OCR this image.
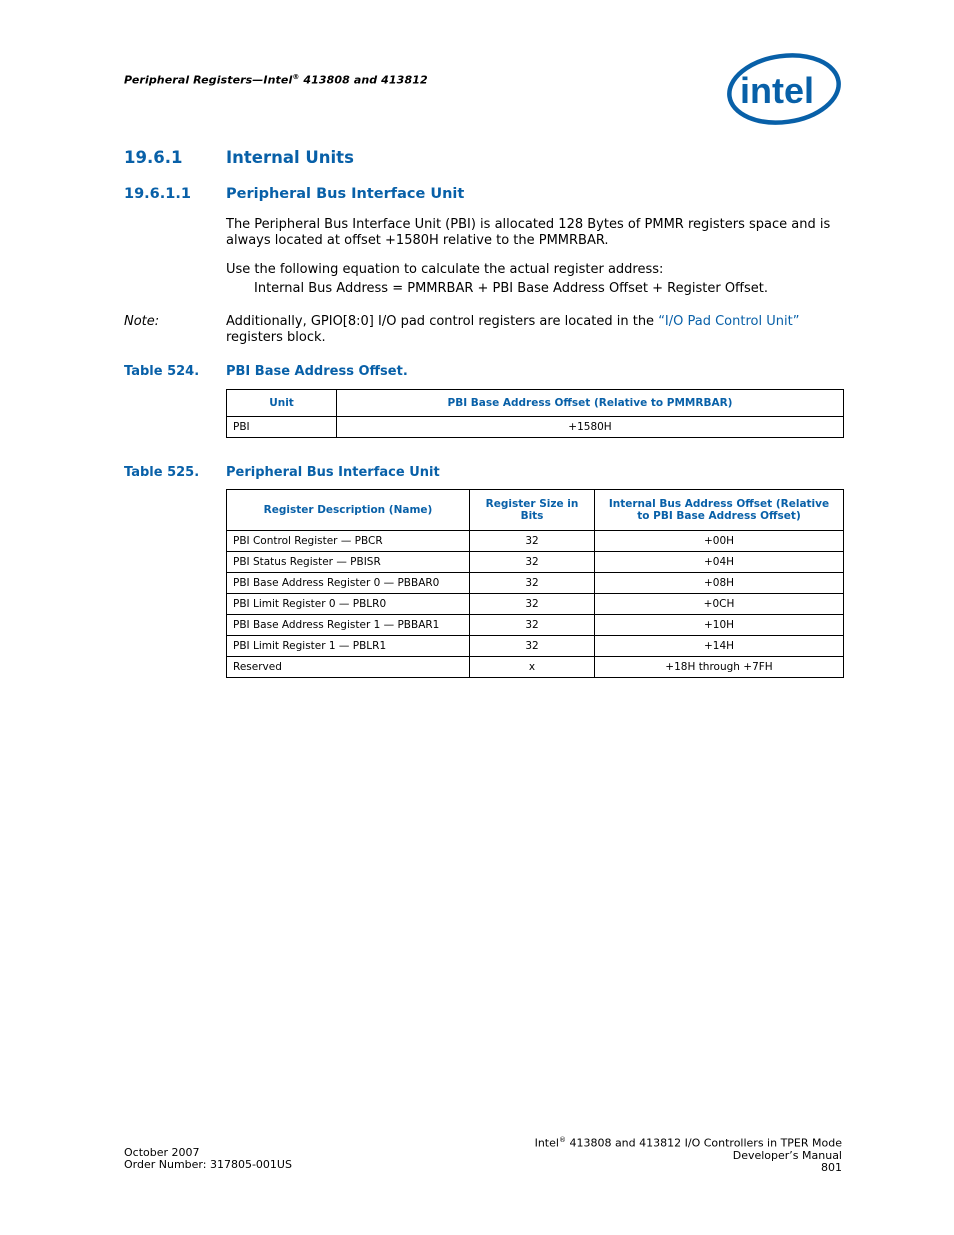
Peripheral Registers—Intel® 413808 and 413812	intel
19.6.1	Internal Units
19.6.1.1 Peripheral Bus Interface Unit
The Peripheral Bus Interface Unit (PBI) is allocated 128 Bytes of PMMR registers space and is always located at offset +1580H relative to the PMMRBAR.
Use the following equation to calculate the actual register address:
Internal Bus Address = PMMRBAR + PBI Base Address Offset + Register Offset.
Note:	Additionally, GPIO[8:0] I/O pad control registers are located in the “I/O Pad Control Unit” registers block.
Table 524. PBI Base Address Offset.
Unit	PBI Base Address Offset (Relative to PMMRBAR)
PBI	+1580H
Table 525. Peripheral Bus Interface Unit
Register Description (Name)	Register Size in Bits	Internal Bus Address Offset (Relative to PBI Base Address Offset)
PBI Control Register — PBCR	32	+00H
PBI Status Register — PBISR	32	+04H
PBI Base Address Register 0 — PBBAR0	32	+08H
PBI Limit Register 0 — PBLR0	32	+0CH
PBI Base Address Register 1 — PBBAR1	32	+10H
PBI Limit Register 1 — PBLR1	32	+14H
Reserved	x	+18H through +7FH
October 2007
Order Number: 317805-001US
Intel® 413808 and 413812 I/O Controllers in TPER Mode
Developer’s Manual
801
